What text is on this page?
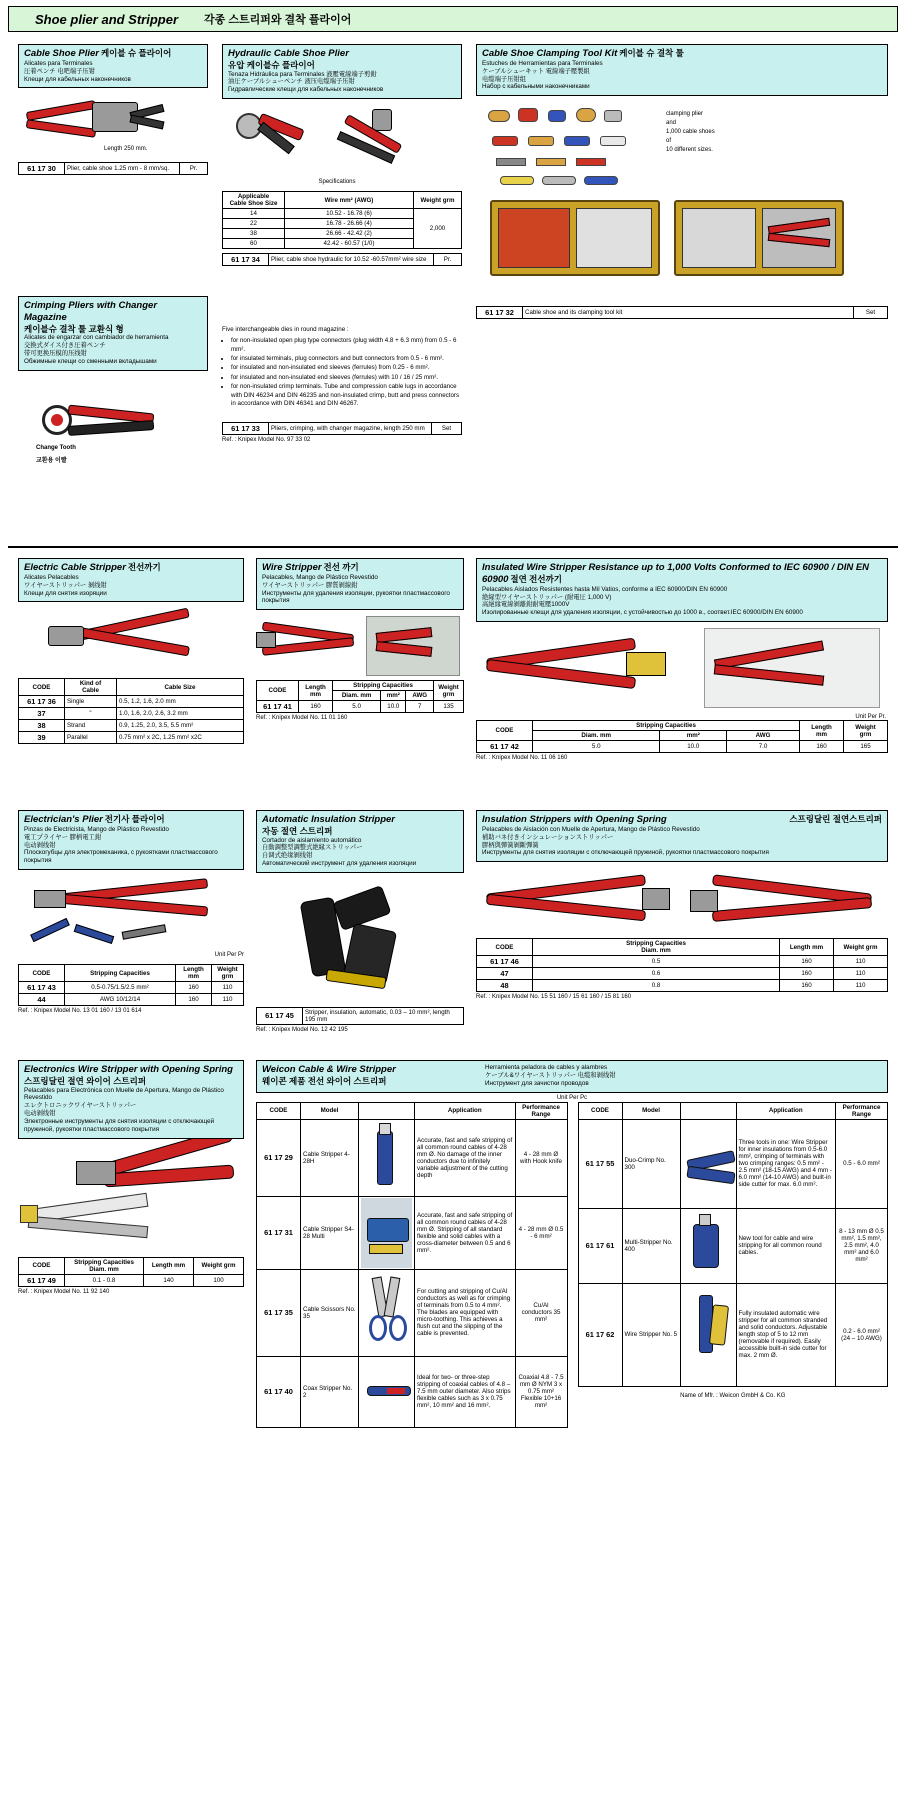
Shoe plier and Stripper 각종 스트리퍼와 결착 플라이어
Cable Shoe Plier 케이블 슈 플라이어
Alicates para Terminales
圧着ペンチ 电吧端子压钳
Клещи для кабельных наконечников
Length 250 mm.
61 17 30	Plier, cable shoe 1.25 mm - 8 mm/sq.	Pr.
Hydraulic Cable Shoe Plier
유압 케이블슈 플라이어
Tenaza Hidráulica para Terminales 液壓電線端子剪鉗
油圧ケーブルシューペンチ 液压电缆端子压钳
Гидравлические клещи для кабельных наконечников
Specifications
Applicable
Cable Shoe Size	Wire mm² (AWG)	Weight grm
14	10.52 - 16.78 (6)	2,000
22	16.78 - 26.66 (4)	
38	26.66 - 42.42 (2)	
60	42.42 - 60.57 (1/0)	
61 17 34	Plier, cable shoe hydraulic for 10.52 -60.57mm² wire size	Pr.
Cable Shoe Clamping Tool Kit 케이블 슈 결착 툴
Estuches de Herramientas para Terminales
ケーブルシューキット 電線端子壓製組
电缆端子压钳组
Набор с кабельными наконечниками
clamping plier
and
1,000 cable shoes
of
10 different sizes.
61 17 32	Cable shoe and its clamping tool kit	Set
Crimping Pliers with Changer Magazine
케이블슈 결착 툴 교환식 형
Alicates de engarzar con cambiador de herramienta
交換式ダイス付き圧着ペンチ
带可更换压模的压线钳
Обжимные клещи со сменными вкладышами
Change Tooth
교환용 이빨

Five interchangeable dies in round magazine :

• for non-insulated open plug type connectors (plug width 4.8 + 6.3 mm) from 0.5 - 6 mm².
• for insulated terminals, plug connectors and butt connectors from 0.5 - 6 mm².
• for insulated and non-insulated end sleeves (ferrules) from 0.25 - 6 mm².
• for insulated and non-insulated end sleeves (ferrules) with 10 / 16 / 25 mm².
• for non-insulated crimp terminals. Tube and compression cable lugs in accordance with DIN 46234 and DIN 46235 and non-insulated crimp, butt and press connectors in accordance with DIN 46341 and DIN 46267.
61 17 33	Pliers, crimping, with changer magazine, length 250 mm	Set
Ref. : Knipex Model No. 97 33 02
Electric Cable Stripper 전선까기
Alicates Pelacables
ワイヤーストリッパー 剝线钳
Клещи для снятия изоряции
CODE	Kind of
Cable	Cable Size
61 17 36	Single	0.5, 1.2, 1.6, 2.0 mm
37	"	1.0, 1.6, 2.0, 2.6, 3.2 mm
38	Strand	0.9, 1.25, 2.0, 3.5, 5.5 mm²
39	Parallel	0.75 mm² x 2C, 1.25 mm² x2C
Wire Stripper 전선 까기
Pelacables, Mango de Plástico Revestido
ワイヤーストリッパー 膠質剝線鉗
Инструменты для удаления изоляции, рукоятки пластмассового покрытия
CODE	Length
mm	Stripping Capacities			Weight
grm
		Diam. mm	mm²	AWG	
61 17 41	160	5.0	10.0	7	135
Ref. : Knipex Model No. 11 01 160
Insulated Wire Stripper Resistance up to 1,000 Volts Conformed to IEC 60900 / DIN EN 60900 절연 전선까기
Pelacables Aislados Resistentes hasta Mil Vatios, conforme a IEC 60900/DIN EN 60900
絶縁型ワイヤーストリッパー (耐電圧 1,000 V)
高絕緣電線剝離鉗耐電壓1000V
Изолированные клещи для удаления изоляции, с устойчивостью до 1000 в., соответ.IEC 60900/DIN EN 60900
Unit Per Pr.
CODE	Stripping Capacities			Length
mm	Weight
grm
	Diam. mm	mm²	AWG		
61 17 42	5.0	10.0	7.0	160	165
Ref. : Knipex Model No. 11 06 160
Electrician's Plier 전기사 플라이어
Pinzas de Electricista, Mango de Plástico Revestido
電工プライヤー 膠柄電工鉗
电动剝线钳
Плоскогубцы для электромеханика, с рукоятками пластмассового покрытия
Unit Per Pr
CODE	Stripping Capacities	Length
mm	Weight
grm
61 17 43	0.5-0.75/1.5/2.5 mm²	160	110
44	AWG 10/12/14	160	110
Ref. : Knipex Model No. 13 01 160 / 13 01 614
Automatic Insulation Stripper
자동 절연 스트리퍼
Cortador de aislamiento automático
自動調整型調整式絶縁ストリッパー
自调式绝缘剝线钳
Автоматический инструмент для удаления изоляции
61 17 45	Stripper, insulation, automatic, 0.03 – 10 mm², length 195 mm
Ref. : Knipex Model No. 12 42 195
Insulation Strippers with Opening Spring	스프링달린 절연스트리퍼
Pelacables de Aislación con Muelle de Apertura, Mango de Plástico Revestido
補助バネ付きインシュレーションストリッパー
膠柄與彈簧剝斷彈簧
Инструменты для снятия изоляции с отключающей пружиной, рукоятки пластмассового покрытия
CODE	Stripping Capacities
Diam. mm	Length mm	Weight grm
61 17 46	0.5	160	110
47	0.6	160	110
48	0.8	160	110
Ref. : Knipex Model No. 15 51 160 / 15 61 160 / 15 81 160
Electronics Wire Stripper with Opening Spring
스프링달린 절연 와이어 스트리퍼
Pelacables para Electrónica con Muelle de Apertura, Mango de Plástico Revestido
エレクトロニックワイヤーストリッパー
电动剝线钳
Электронные инструменты для снятия изоляции с отключающей пружиной, рукоятки пластмассового покрытия
CODE	Stripping Capacities
Diam. mm	Length mm	Weight grm
61 17 49	0.1 - 0.8	140	100
Ref. : Knipex Model No. 11 92 140
Weicon Cable & Wire Stripper
웨이콘 제품 전선 와이어 스트리퍼
Herramienta peladora de cables y alambres
ケーブル&ワイヤーストリッパー 电缆和剝线钳
Инструмент для зачистки проводов
Unit Per Pc
CODE	Model		Application	Performance
Range
61 17 29	Cable Stripper 4-28H		Accurate, fast and safe stripping of all common round cables of 4-28 mm Ø. No damage of the inner conductors due to infinitely variable adjustment of the cutting depth	4 - 28 mm Ø with Hook knife
61 17 31	Cable Stripper S4-28 Multi		Accurate, fast and safe stripping of all common round cables of 4-28 mm Ø. Stripping of all standard flexible and solid cables with a cross-diameter between 0.5 and 6 mm².	4 - 28 mm Ø 0.5 - 6 mm²
61 17 35	Cable Scissors No. 35		For cutting and stripping of Cu/Al conductors as well as for crimping of terminals from 0.5 to 4 mm². The blades are equipped with micro-toothing. This achieves a flush cut and the slipping of the cable is prevented.	Cu/Al conductors 35 mm²
61 17 40	Coax Stripper No. 2		Ideal for two- or three-step stripping of coaxial cables of 4.8 – 7.5 mm outer diameter. Also strips flexible cables such as 3 x 0.75 mm², 10 mm² and 16 mm².	Coaxial 4.8 - 7.5 mm Ø NYM 3 x 0.75 mm² Flexible 10+16 mm²
CODE	Model		Application	Performance
Range
61 17 55	Duo-Crimp No. 300		Three tools in one: Wire Stripper for inner insulations from 0.5-6.0 mm², crimping of terminals with two crimping ranges: 0.5 mm² - 2.5 mm² (18-15 AWG) and 4 mm - 6.0 mm² (14-10 AWG) and built-in side cutter for max. 6.0 mm².	0.5 - 6.0 mm²
61 17 61	Multi-Stripper No. 400		New tool for cable and wire stripping for all common round cables.	8 - 13 mm Ø 0.5 mm², 1.5 mm², 2.5 mm², 4.0 mm² and 6.0 mm²
61 17 62	Wire Stripper No. 5		Fully insulated automatic wire stripper for all common stranded and solid conductors. Adjustable length stop of 5 to 12 mm (removable if required). Easily accessible built-in side cutter for max. 2 mm Ø.	0.2 - 6.0 mm² (24 – 10 AWG)
Name of Mfr. : Weicon GmbH & Co. KG
